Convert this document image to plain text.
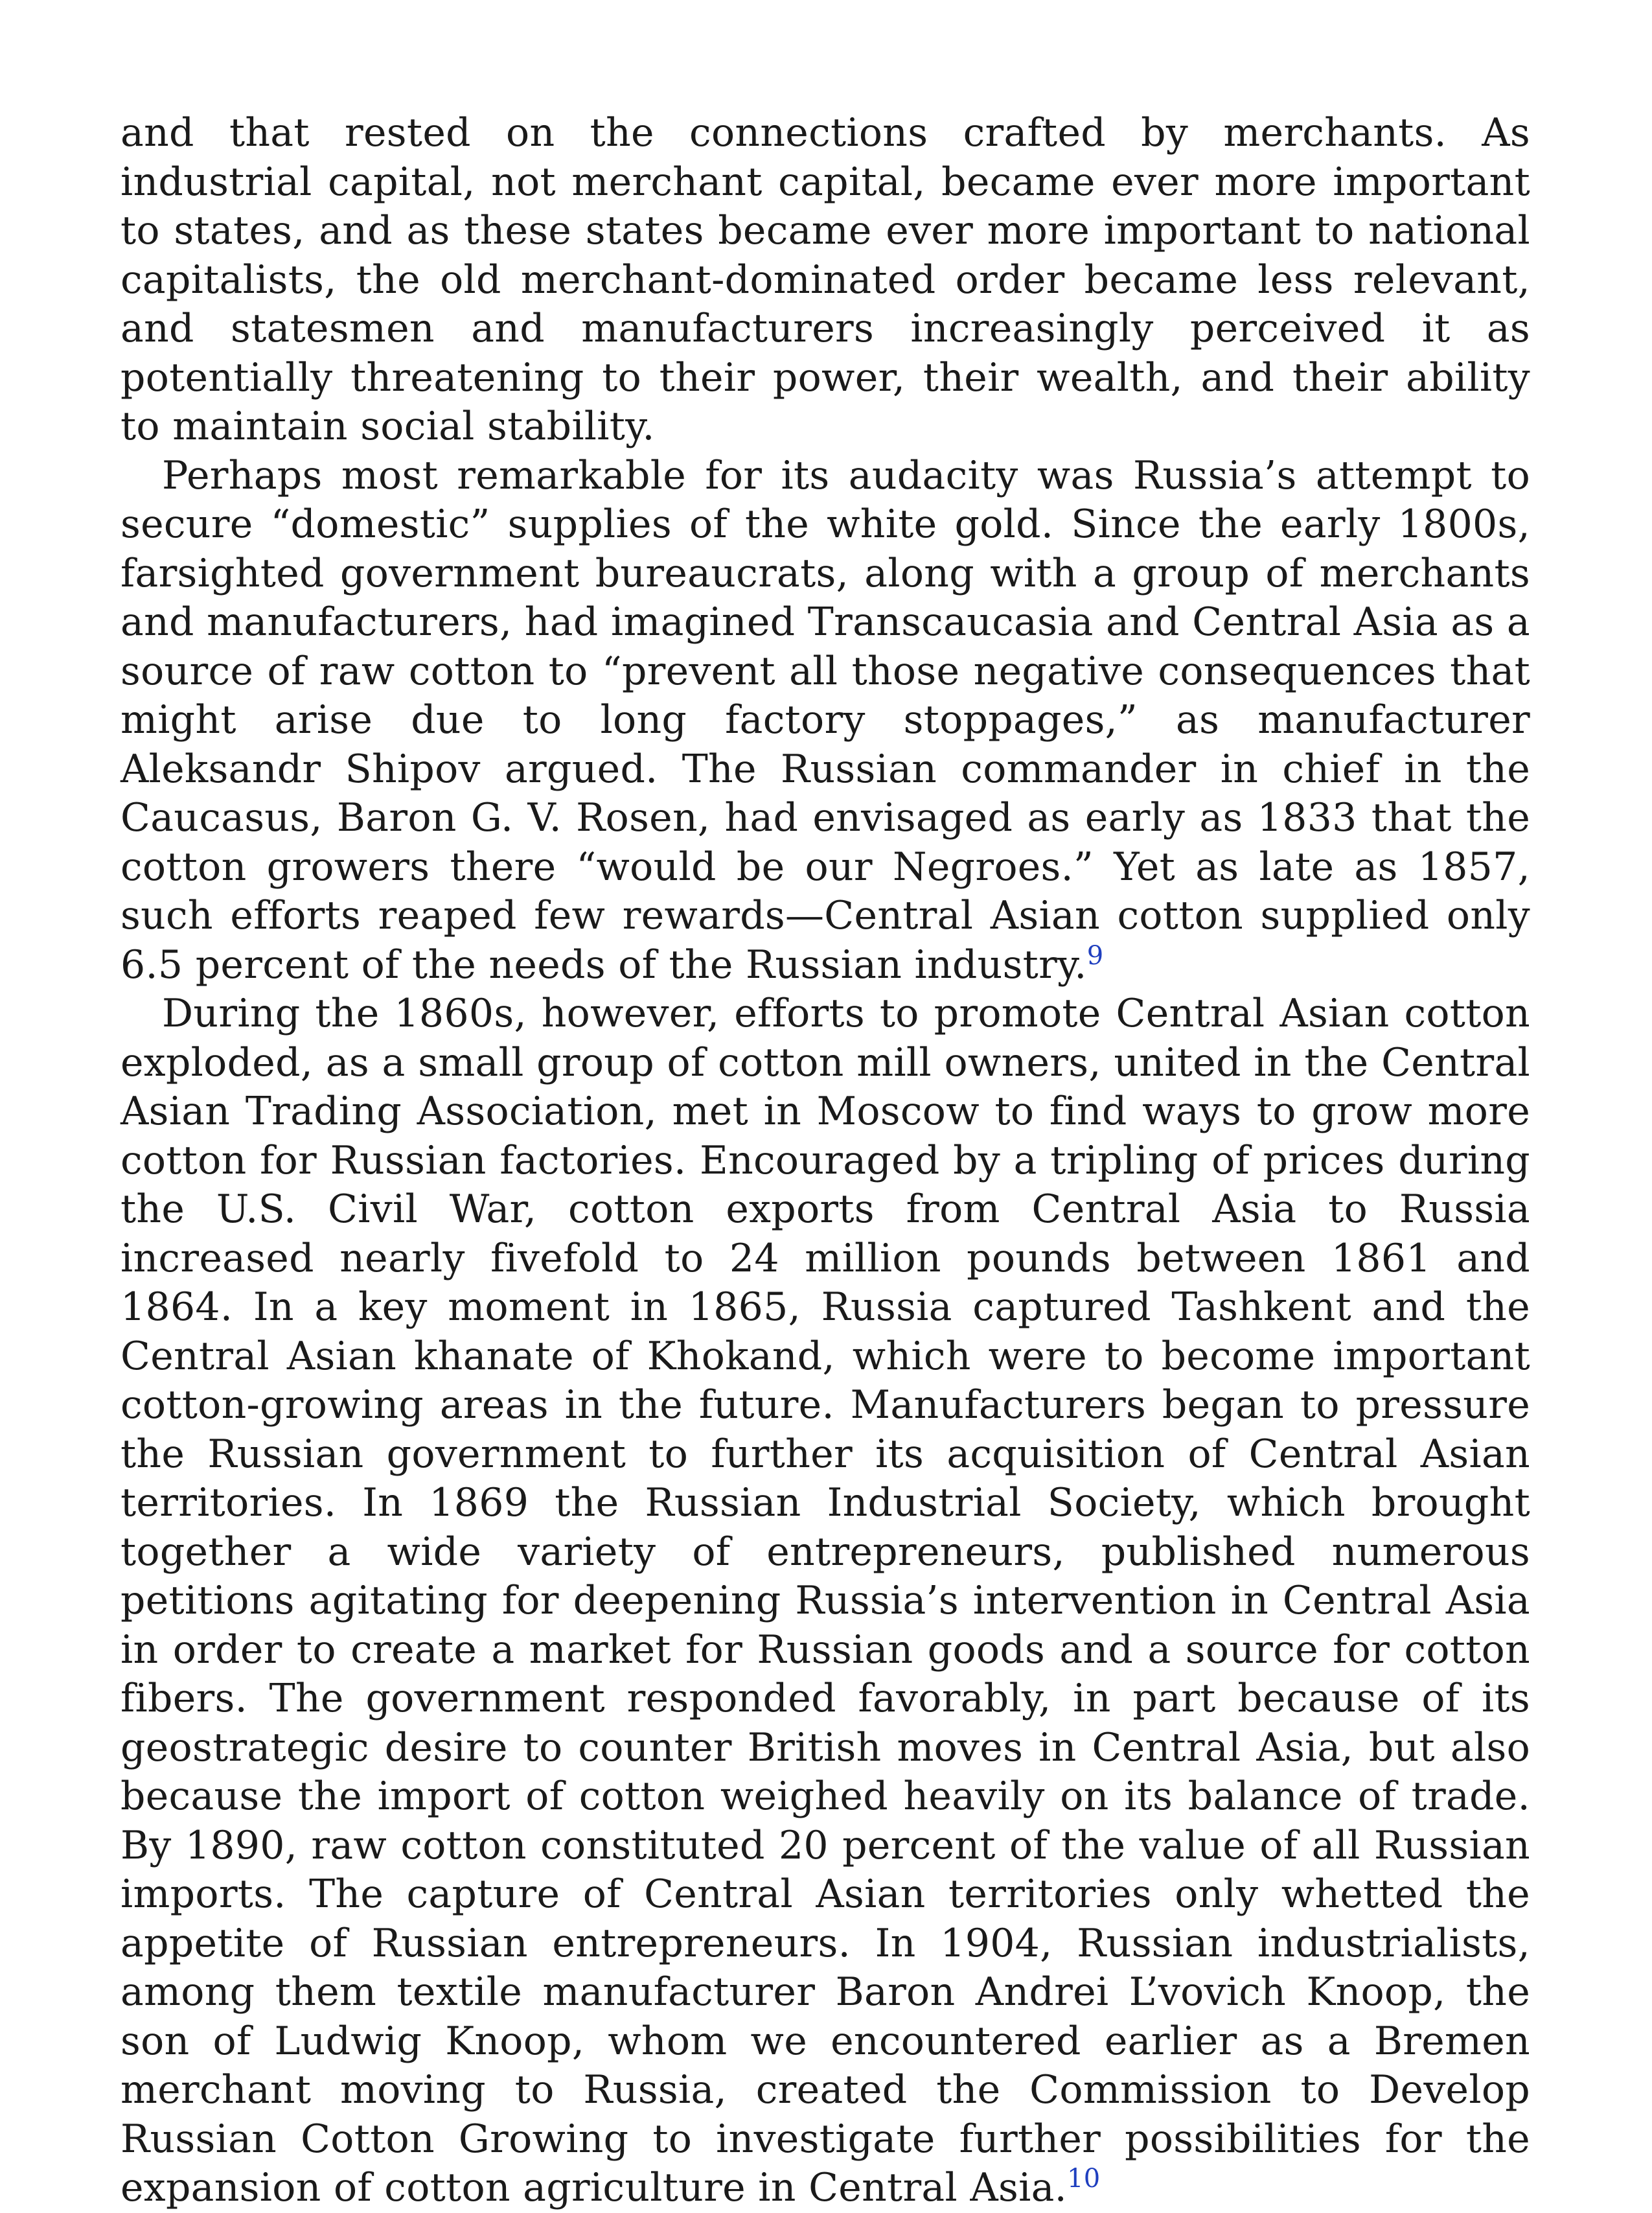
and that rested on the connections crafted by merchants. As industrial capital, not merchant capital, became ever more important to states, and as these states became ever more important to national capitalists, the old merchant-dominated order became less relevant, and statesmen and manufacturers increasingly perceived it as potentially threatening to their power, their wealth, and their ability to maintain social stability.

Perhaps most remarkable for its audacity was Russia’s attempt to secure “domestic” supplies of the white gold. Since the early 1800s, farsighted government bureaucrats, along with a group of merchants and manufacturers, had imagined Transcaucasia and Central Asia as a source of raw cotton to “prevent all those negative consequences that might arise due to long factory stoppages,” as manufacturer Aleksandr Shipov argued. The Russian commander in chief in the Caucasus, Baron G. V. Rosen, had envisaged as early as 1833 that the cotton growers there “would be our Negroes.” Yet as late as 1857, such efforts reaped few rewards—Central Asian cotton supplied only 6.5 percent of the needs of the Russian industry.$^9$

During the 1860s, however, efforts to promote Central Asian cotton exploded, as a small group of cotton mill owners, united in the Central Asian Trading Association, met in Moscow to find ways to grow more cotton for Russian factories. Encouraged by a tripling of prices during the U.S. Civil War, cotton exports from Central Asia to Russia increased nearly fivefold to 24 million pounds between 1861 and 1864. In a key moment in 1865, Russia captured Tashkent and the Central Asian khanate of Khokand, which were to become important cotton-growing areas in the future. Manufacturers began to pressure the Russian government to further its acquisition of Central Asian territories. In 1869 the Russian Industrial Society, which brought together a wide variety of entrepreneurs, published numerous petitions agitating for deepening Russia’s intervention in Central Asia in order to create a market for Russian goods and a source for cotton fibers. The government responded favorably, in part because of its geostrategic desire to counter British moves in Central Asia, but also because the import of cotton weighed heavily on its balance of trade. By 1890, raw cotton constituted 20 percent of the value of all Russian imports. The capture of Central Asian territories only whetted the appetite of Russian entrepreneurs. In 1904, Russian industrialists, among them textile manufacturer Baron Andrei L’vovich Knoop, the son of Ludwig Knoop, whom we encountered earlier as a Bremen merchant moving to Russia, created the Commission to Develop Russian Cotton Growing to investigate further possibilities for the expansion of cotton agriculture in Central Asia.$^{10}$
